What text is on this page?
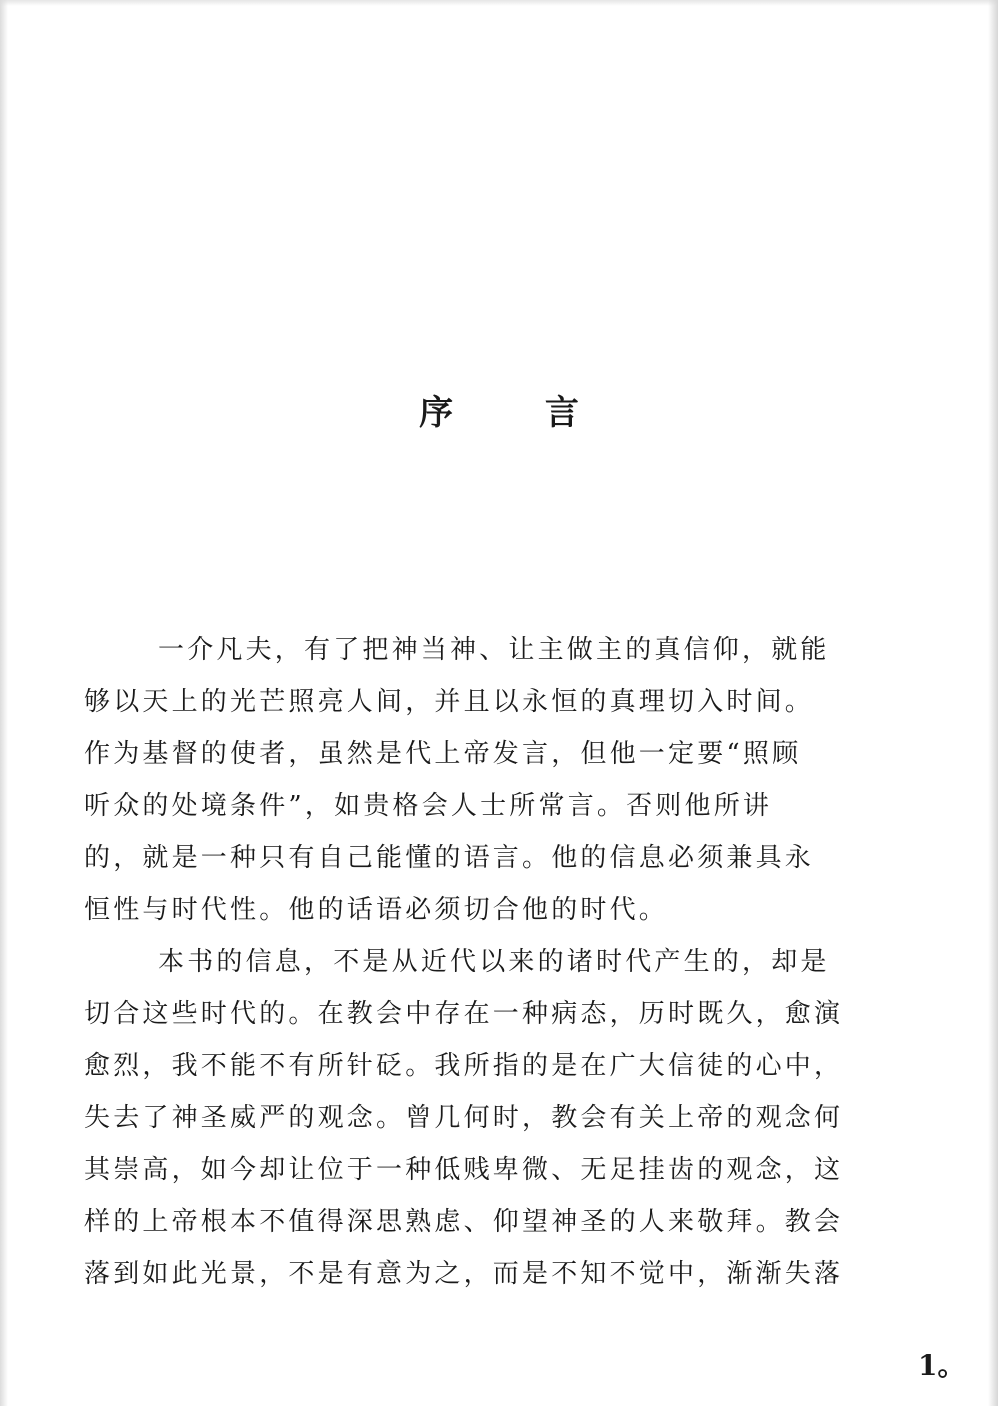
序 言
一介凡夫，有了把神当神、让主做主的真信仰，就能
够以天上的光芒照亮人间，并且以永恒的真理切入时间。
作为基督的使者，虽然是代上帝发言，但他一定要“照顾
听众的处境条件”，如贵格会人士所常言。否则他所讲
的，就是一种只有自己能懂的语言。他的信息必须兼具永
恒性与时代性。他的话语必须切合他的时代。
本书的信息，不是从近代以来的诸时代产生的，却是
切合这些时代的。在教会中存在一种病态，历时既久，愈演
愈烈，我不能不有所针砭。我所指的是在广大信徒的心中，
失去了神圣威严的观念。曾几何时，教会有关上帝的观念何
其崇高，如今却让位于一种低贱卑微、无足挂齿的观念，这
样的上帝根本不值得深思熟虑、仰望神圣的人来敬拜。教会
落到如此光景，不是有意为之，而是不知不觉中，渐渐失落
1。
